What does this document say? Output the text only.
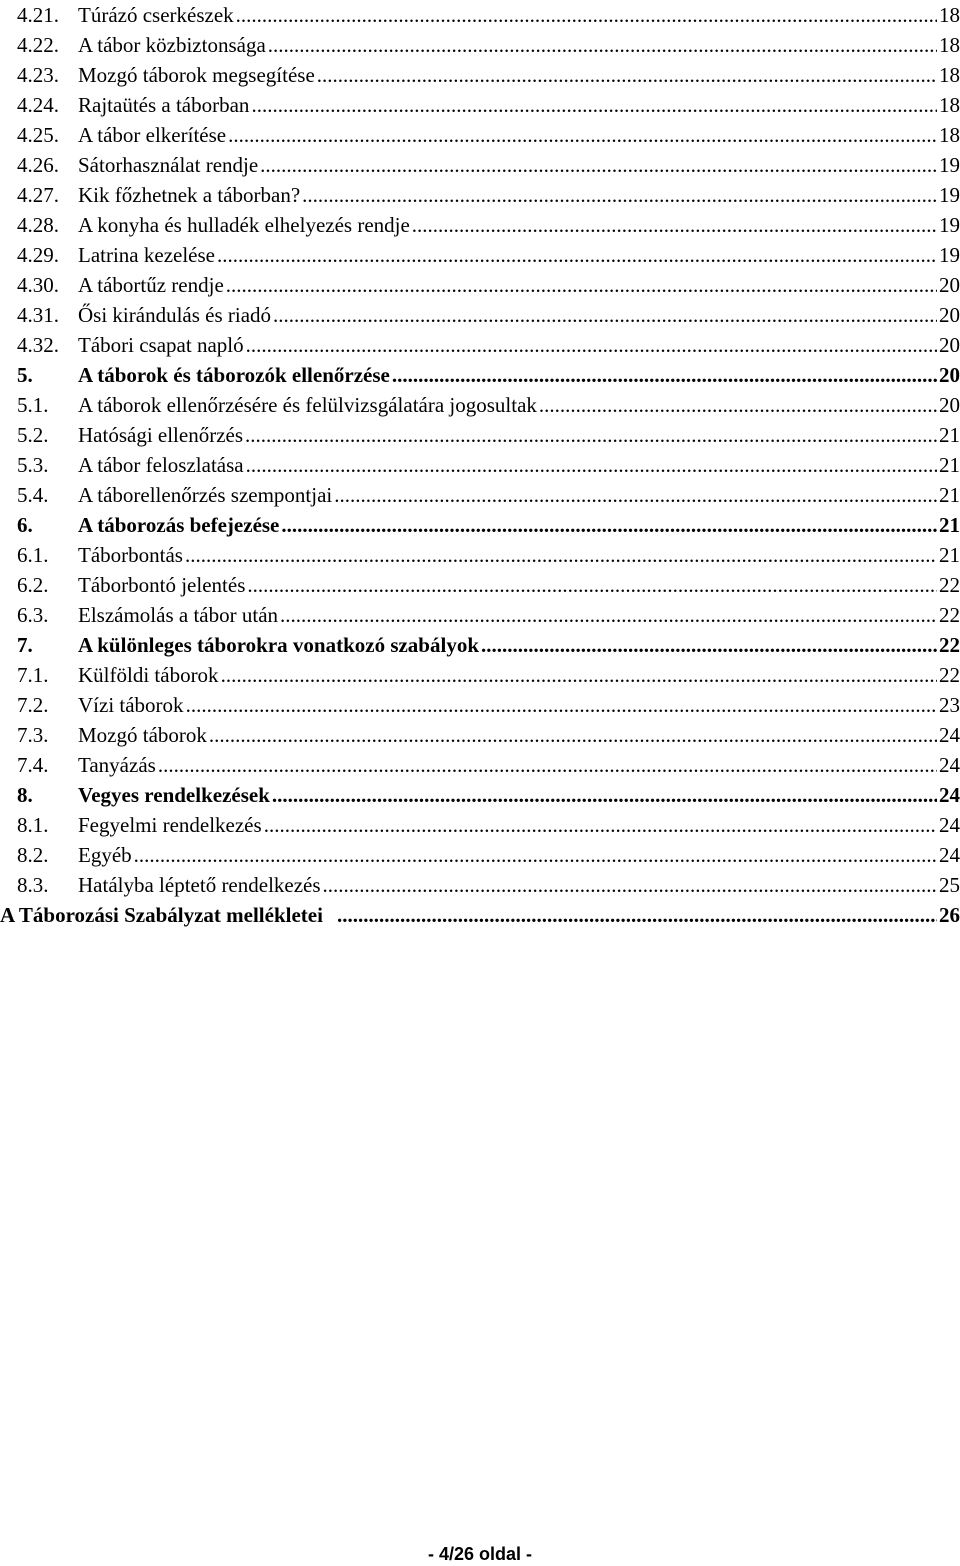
4.21. Túrázó cserkészek .....	18
4.22. A tábor közbiztonsága .....	18
4.23. Mozgó táborok megsegítése .....	18
4.24. Rajtaütés a táborban .....	18
4.25. A tábor elkerítése .....	18
4.26. Sátorhasználat rendje .....	19
4.27. Kik főzhetnek a táborban? .....	19
4.28. A konyha és hulladék elhelyezés rendje .....	19
4.29. Latrina kezelése .....	19
4.30. A tábortűz rendje .....	20
4.31. Ősi kirándulás és riadó .....	20
4.32. Tábori csapat napló .....	20
5.	A táborok és táborozók ellenőrzése .....	20
5.1.	A táborok ellenőrzésére és felülvizsgálatára jogosultak .....	20
5.2.	Hatósági ellenőrzés .....	21
5.3.	A tábor feloszlatása .....	21
5.4.	A táborellenőrzés szempontjai .....	21
6.	A táborozás befejezése .....	21
6.1.	Táborbontás .....	21
6.2.	Táborbontó jelentés .....	22
6.3.	Elszámolás a tábor után .....	22
7.	A különleges táborokra vonatkozó szabályok .....	22
7.1.	Külföldi táborok .....	22
7.2.	Vízi táborok .....	23
7.3.	Mozgó táborok .....	24
7.4.	Tanyázás .....	24
8.	Vegyes rendelkezések .....	24
8.1.	Fegyelmi rendelkezés .....	24
8.2.	Egyéb .....	24
8.3.	Hatályba léptető rendelkezés .....	25
A Táborozási Szabályzat mellékletei .....	26
- 4/26 oldal -
